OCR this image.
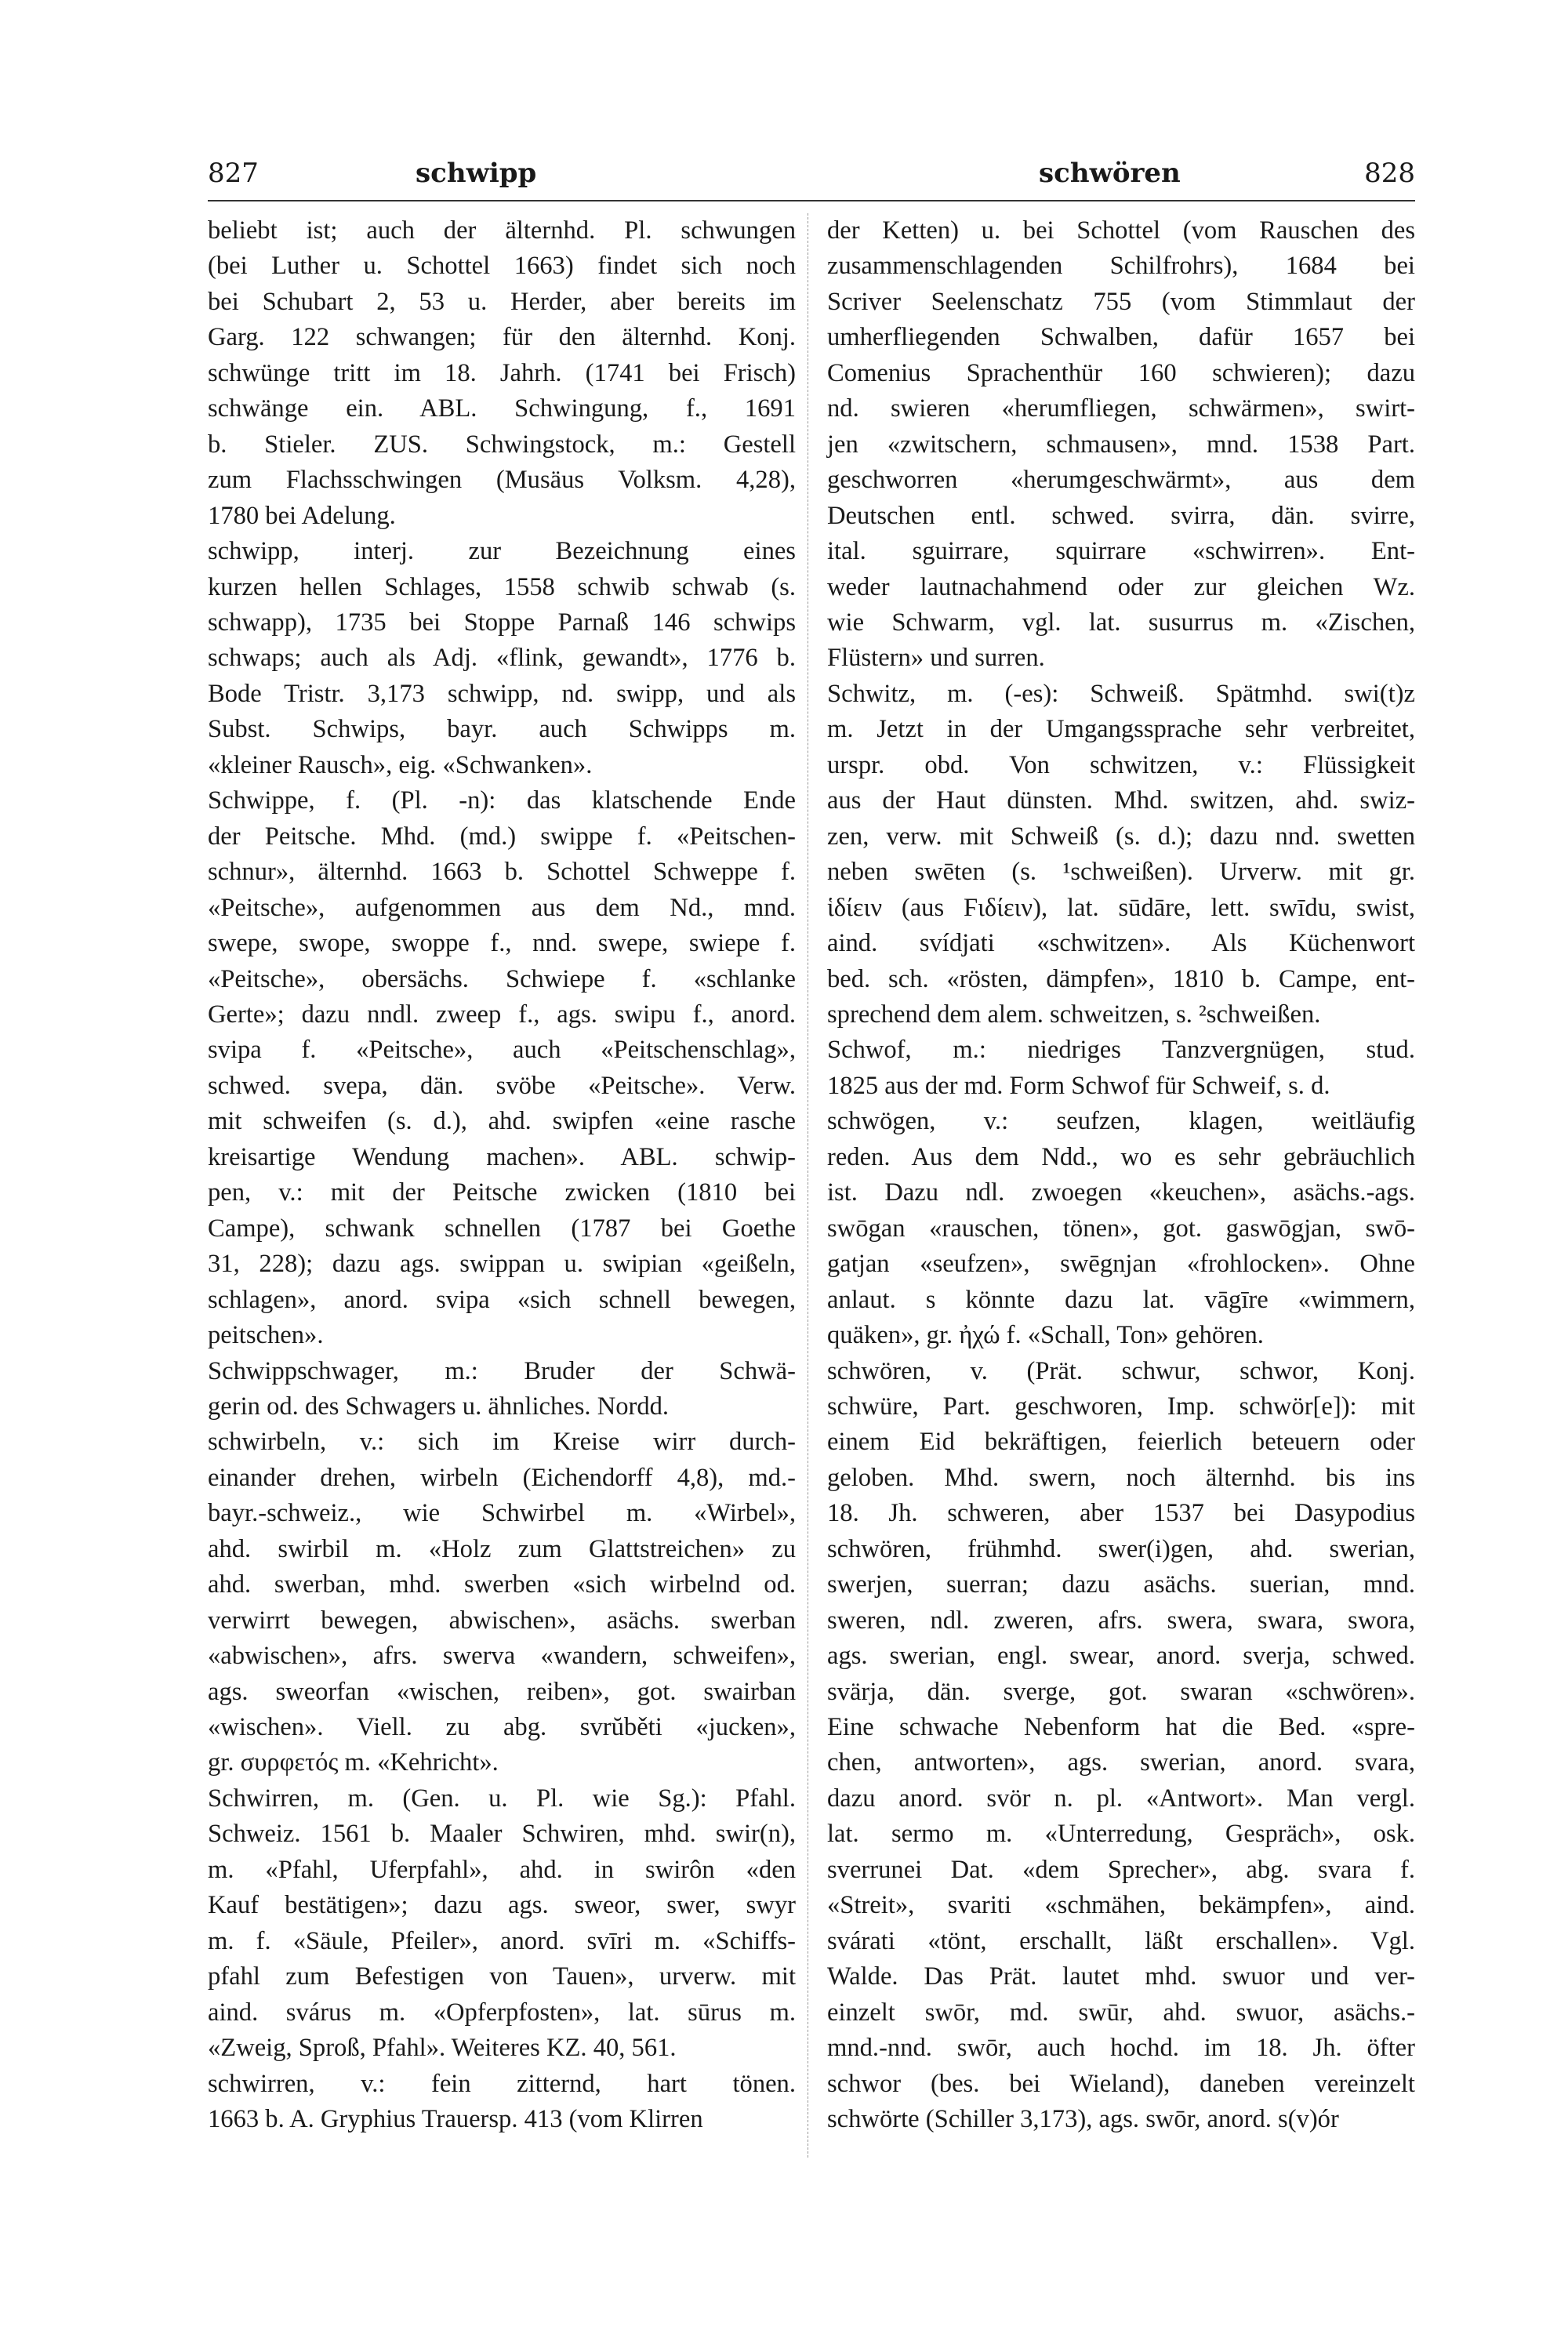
827	schwipp	schwören	828
beliebt ist; auch der älternhd. Pl. schwungen
(bei Luther u. Schottel 1663) findet sich noch
bei Schubart 2, 53 u. Herder, aber bereits im
Garg. 122 schwangen; für den älternhd. Konj.
schwünge tritt im 18. Jahrh. (1741 bei Frisch)
schwänge ein. ABL. Schwingung, f., 1691
b. Stieler. ZUS. Schwingstock, m.: Gestell
zum Flachsschwingen (Musäus Volksm. 4,28),
1780 bei Adelung.
schwipp, interj. zur Bezeichnung eines
kurzen hellen Schlages, 1558 schwib schwab (s.
schwapp), 1735 bei Stoppe Parnaß 146 schwips
schwaps; auch als Adj. «flink, gewandt», 1776 b.
Bode Tristr. 3,173 schwipp, nd. swipp, und als
Subst. Schwips, bayr. auch Schwipps m.
«kleiner Rausch», eig. «Schwanken».
Schwippe, f. (Pl. -n): das klatschende Ende
der Peitsche. Mhd. (md.) swippe f. «Peitschen-
schnur», älternhd. 1663 b. Schottel Schweppe f.
«Peitsche», aufgenommen aus dem Nd., mnd.
swepe, swope, swoppe f., nnd. swepe, swiepe f.
«Peitsche», obersächs. Schwiepe f. «schlanke
Gerte»; dazu nndl. zweep f., ags. swipu f., anord.
svipa f. «Peitsche», auch «Peitschenschlag»,
schwed. svepa, dän. svöbe «Peitsche». Verw.
mit schweifen (s. d.), ahd. swipfen «eine rasche
kreisartige Wendung machen». ABL. schwip-
pen, v.: mit der Peitsche zwicken (1810 bei
Campe), schwank schnellen (1787 bei Goethe
31, 228); dazu ags. swippan u. swipian «geißeln,
schlagen», anord. svipa «sich schnell bewegen,
peitschen».
Schwippschwager, m.: Bruder der Schwä-
gerin od. des Schwagers u. ähnliches. Nordd.
schwirbeln, v.: sich im Kreise wirr durch-
einander drehen, wirbeln (Eichendorff 4,8), md.-
bayr.-schweiz., wie Schwirbel m. «Wirbel»,
ahd. swirbil m. «Holz zum Glattstreichen» zu
ahd. swerban, mhd. swerben «sich wirbelnd od.
verwirrt bewegen, abwischen», asächs. swerban
«abwischen», afrs. swerva «wandern, schweifen»,
ags. sweorfan «wischen, reiben», got. swairban
«wischen». Viell. zu abg. svrŭběti «jucken»,
gr. συρφετός m. «Kehricht».
Schwirren, m. (Gen. u. Pl. wie Sg.): Pfahl.
Schweiz. 1561 b. Maaler Schwiren, mhd. swir(n),
m. «Pfahl, Uferpfahl», ahd. in swirôn «den
Kauf bestätigen»; dazu ags. sweor, swer, swyr
m. f. «Säule, Pfeiler», anord. svīri m. «Schiffs-
pfahl zum Befestigen von Tauen», urverw. mit
aind. svárus m. «Opferpfosten», lat. sūrus m.
«Zweig, Sproß, Pfahl». Weiteres KZ. 40, 561.
schwirren, v.: fein zitternd, hart tönen.
1663 b. A. Gryphius Trauersp. 413 (vom Klirren
der Ketten) u. bei Schottel (vom Rauschen des
zusammenschlagenden Schilfrohrs), 1684 bei
Scriver Seelenschatz 755 (vom Stimmlaut der
umherfliegenden Schwalben, dafür 1657 bei
Comenius Sprachenthür 160 schwieren); dazu
nd. swieren «herumfliegen, schwärmen», swirt-
jen «zwitschern, schmausen», mnd. 1538 Part.
geschworren «herumgeschwärmt», aus dem
Deutschen entl. schwed. svirra, dän. svirre,
ital. sguirrare, squirrare «schwirren». Ent-
weder lautnachahmend oder zur gleichen Wz.
wie Schwarm, vgl. lat. susurrus m. «Zischen,
Flüstern» und surren.
Schwitz, m. (-es): Schweiß. Spätmhd. swi(t)z
m. Jetzt in der Umgangssprache sehr verbreitet,
urspr. obd. Von schwitzen, v.: Flüssigkeit
aus der Haut dünsten. Mhd. switzen, ahd. swiz-
zen, verw. mit Schweiß (s. d.); dazu nnd. swetten
neben swēten (s. ¹schweißen). Urverw. mit gr.
ἱδίειν (aus Ϝιδίειν), lat. sūdāre, lett. swīdu, swist,
aind. svídjati «schwitzen». Als Küchenwort
bed. sch. «rösten, dämpfen», 1810 b. Campe, ent-
sprechend dem alem. schweitzen, s. ²schweißen.
Schwof, m.: niedriges Tanzvergnügen, stud.
1825 aus der md. Form Schwof für Schweif, s. d.
schwögen, v.: seufzen, klagen, weitläufig
reden. Aus dem Ndd., wo es sehr gebräuchlich
ist. Dazu ndl. zwoegen «keuchen», asächs.-ags.
swōgan «rauschen, tönen», got. gaswōgjan, swō-
gatjan «seufzen», swēgnjan «frohlocken». Ohne
anlaut. s könnte dazu lat. vāgīre «wimmern,
quäken», gr. ἠχώ f. «Schall, Ton» gehören.
schwören, v. (Prät. schwur, schwor, Konj.
schwüre, Part. geschworen, Imp. schwör[e]): mit
einem Eid bekräftigen, feierlich beteuern oder
geloben. Mhd. swern, noch älternhd. bis ins
18. Jh. schweren, aber 1537 bei Dasypodius
schwören, frühmhd. swer(i)gen, ahd. swerian,
swerjen, suerran; dazu asächs. suerian, mnd.
sweren, ndl. zweren, afrs. swera, swara, swora,
ags. swerian, engl. swear, anord. sverja, schwed.
svärja, dän. sverge, got. swaran «schwören».
Eine schwache Nebenform hat die Bed. «spre-
chen, antworten», ags. swerian, anord. svara,
dazu anord. svör n. pl. «Antwort». Man vergl.
lat. sermo m. «Unterredung, Gespräch», osk.
sverrunei Dat. «dem Sprecher», abg. svara f.
«Streit», svariti «schmähen, bekämpfen», aind.
svárati «tönt, erschallt, läßt erschallen». Vgl.
Walde. Das Prät. lautet mhd. swuor und ver-
einzelt swōr, md. swūr, ahd. swuor, asächs.-
mnd.-nnd. swōr, auch hochd. im 18. Jh. öfter
schwor (bes. bei Wieland), daneben vereinzelt
schwörte (Schiller 3,173), ags. swōr, anord. s(v)ór
